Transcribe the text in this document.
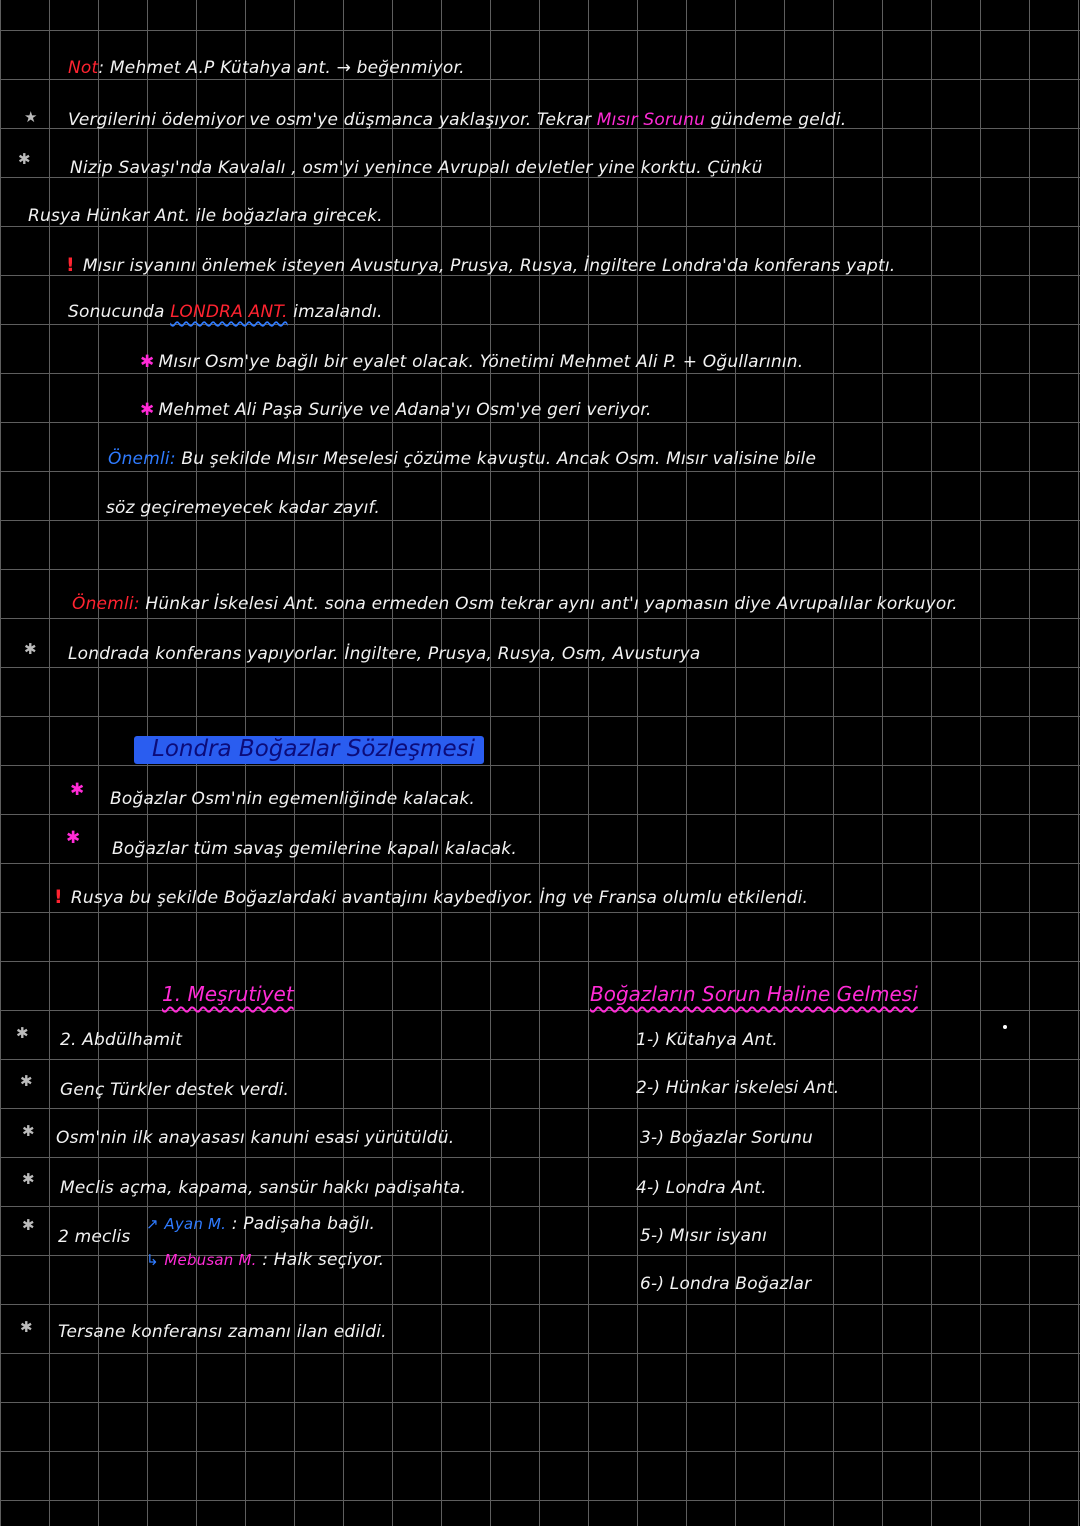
Not: Mehmet A.P Kütahya ant. → beğenmiyor.
★ Vergilerini ödemiyor ve osm'ye düşmanca yaklaşıyor. Tekrar Mısır Sorunu gündeme geldi.
✱ Nizip Savaşı'nda Kavalalı , osm'yi yenince Avrupalı devletler yine korktu. Çünkü
Rusya Hünkar Ant. ile boğazlara girecek.
! Mısır isyanını önlemek isteyen Avusturya, Prusya, Rusya, İngiltere Londra'da konferans yaptı.
Sonucunda LONDRA ANT. imzalandı.
✱ Mısır Osm'ye bağlı bir eyalet olacak. Yönetimi Mehmet Ali P. + Oğullarının.
✱ Mehmet Ali Paşa Suriye ve Adana'yı Osm'ye geri veriyor.
Önemli: Bu şekilde Mısır Meselesi çözüme kavuştu. Ancak Osm. Mısır valisine bile
söz geçiremeyecek kadar zayıf.
Önemli: Hünkar İskelesi Ant. sona ermeden Osm tekrar aynı ant'ı yapmasın diye Avrupalılar korkuyor.
✱ Londrada konferans yapıyorlar. İngiltere, Prusya, Rusya, Osm, Avusturya
Londra Boğazlar Sözleşmesi
✱ Boğazlar Osm'nin egemenliğinde kalacak.
✱
Boğazlar tüm savaş gemilerine kapalı kalacak.
! Rusya bu şekilde Boğazlardaki avantajını kaybediyor. İng ve Fransa olumlu etkilendi.
1. Meşrutiyet
✱ 2. Abdülhamit
✱ Genç Türkler destek verdi.
✱ Osm'nin ilk anayasası kanuni esasi yürütüldü.
✱ Meclis açma, kapama, sansür hakkı padişahta.
✱
2 meclis
↗ Ayan M. : Padişaha bağlı.
↳ Mebusan M. : Halk seçiyor.
✱ Tersane konferansı zamanı ilan edildi.
Boğazların Sorun Haline Gelmesi
1-) Kütahya Ant.
2-) Hünkar iskelesi Ant.
3-) Boğazlar Sorunu
4-) Londra Ant.
5-) Mısır isyanı
6-) Londra Boğazlar
